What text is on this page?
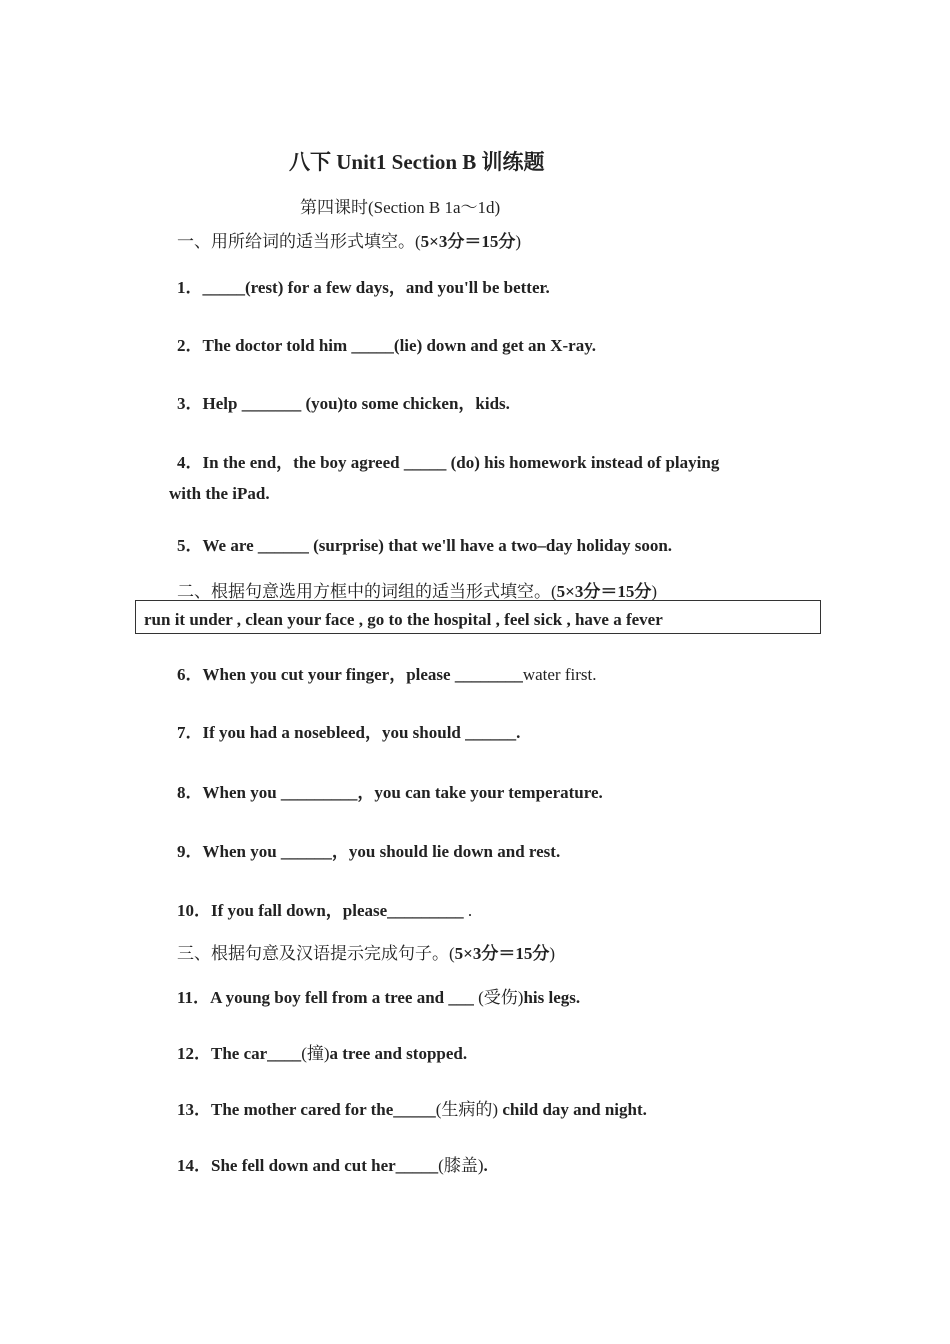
八下 Unit1 Section B 训练题
第四课时(Section B 1a～1d)
一、用所给词的适当形式填空。(5×3分＝15分)
1．_____(rest) for a few days，and you'll be better.
2．The doctor told him _____(lie) down and get an X-ray.
3．Help _______ (you)to some chicken，kids.
4．In the end，the boy agreed _____ (do) his homework instead of playing
with the iPad.
5．We are ______ (surprise) that we'll have a two–day holiday soon.
二、根据句意选用方框中的词组的适当形式填空。(5×3分＝15分)
run it under , clean your face , go to the hospital , feel sick , have a fever
6．When you cut your finger，please ________water first.
7．If you had a nosebleed，you should ______.
8．When you _________，you can take your temperature.
9．When you ______，you should lie down and rest.
10．If you fall down，please_________ .
三、根据句意及汉语提示完成句子。(5×3分＝15分)
11．A young boy fell from a tree and ___ (受伤)his legs.
12．The car____(撞)a tree and stopped.
13．The mother cared for the_____(生病的) child day and night.
14．She fell down and cut her_____(膝盖).
